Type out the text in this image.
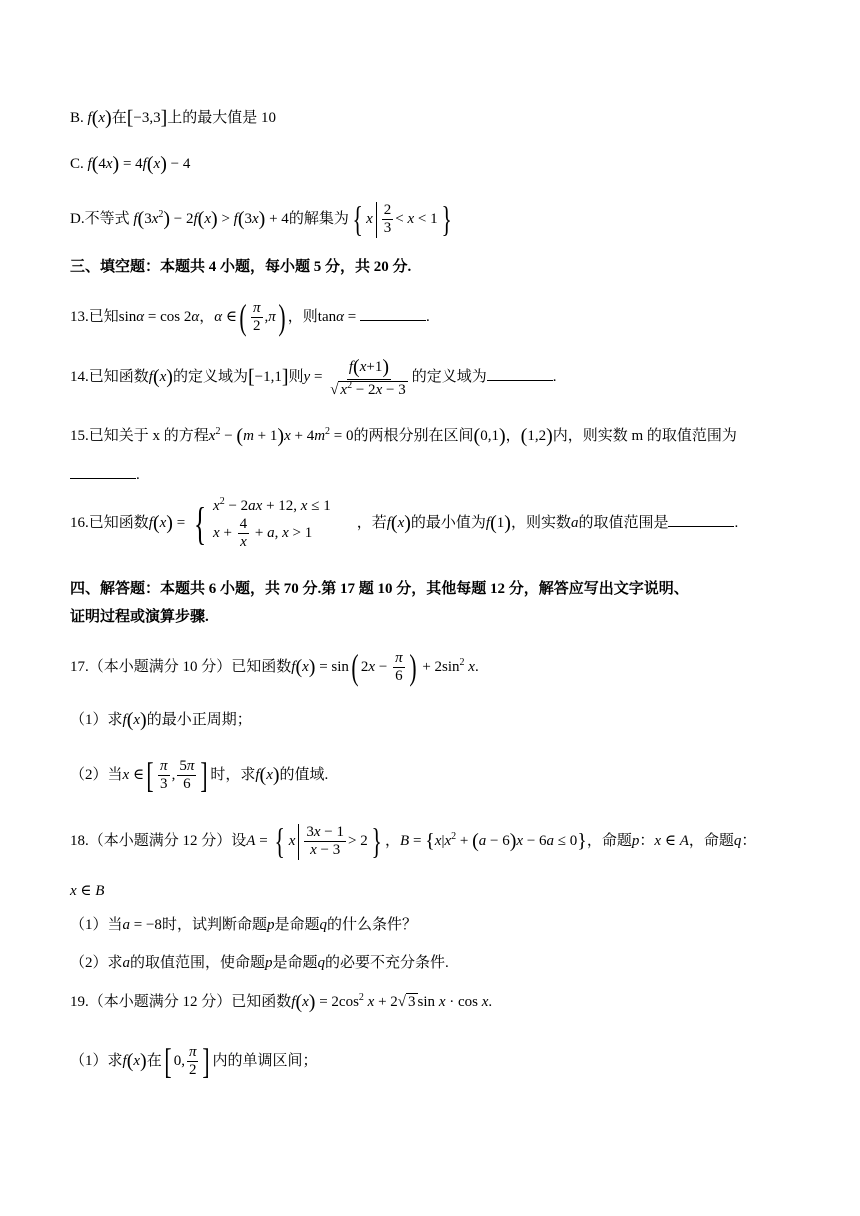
B. f(x)在[−3,3]上的最大值是 10
C. f(4x) = 4f(x) − 4
D.不等式 $f(3x^2) - 2f(x) > f(3x) + 4$的解集为{ x $\frac{2}{3} < x < 1$}
三、填空题：本题共 4 小题，每小题 5 分，共 20 分.
13.已知sinα = cos 2α，α ∈( $\frac{\pi}{2} ,\pi$) ，则tanα =	.
14.已知函数f(x)的定义域为[−1,1]则$y = \frac{f(x+1)}{√ x^2 - 2x - 3}$ 的定义域为	.
15.已知关于 x 的方程$x^2 - (m + 1)x + 4m^2 = 0$的两根分别在区间(0,1)，(1,2)内，则实数 m 的取值范围为
.
16.已知函数f(x) = { $x^2 - 2ax + 12$, x ≤ 1
$x + \frac{4}{x} + a$, x > 1
，若f(x)的最小值为f(1)，则实数a的取值范围是	.
四、解答题：本题共 6 小题，共 70 分.第 17 题 10 分，其他每题 12 分，解答应写出文字说明、
证明过程或演算步骤.
17.（本小题满分 10 分）已知函数f(x) = sin( $2x - \frac{\pi}{6}$ ) + $2\sin^2$ x.
（1）求f(x)的最小正周期；
（2）当x ∈[ $\frac{\pi}{3}$ , $\frac{5\pi}{6}$ ] 时，求f(x)的值域.
18.（本小题满分 12 分）设A = { x $\frac{3x - 1}{x - 3} > 2$} ，$B = \{x|x^2 + (a - 6)x - 6a \le 0\}$，命题p：x ∈ A，命题q：
x ∈ B
（1）当a = −8时，试判断命题p是命题q的什么条件？
（2）求a的取值范围，使命题p是命题q的必要不充分条件.
19.（本小题满分 12 分）已知函数$f(x) = 2\cos^2$ x + 2√ 3 sin x · cos x.
（1）求f(x)在[ 0, $\frac{\pi}{2}$ ] 内的单调区间；
